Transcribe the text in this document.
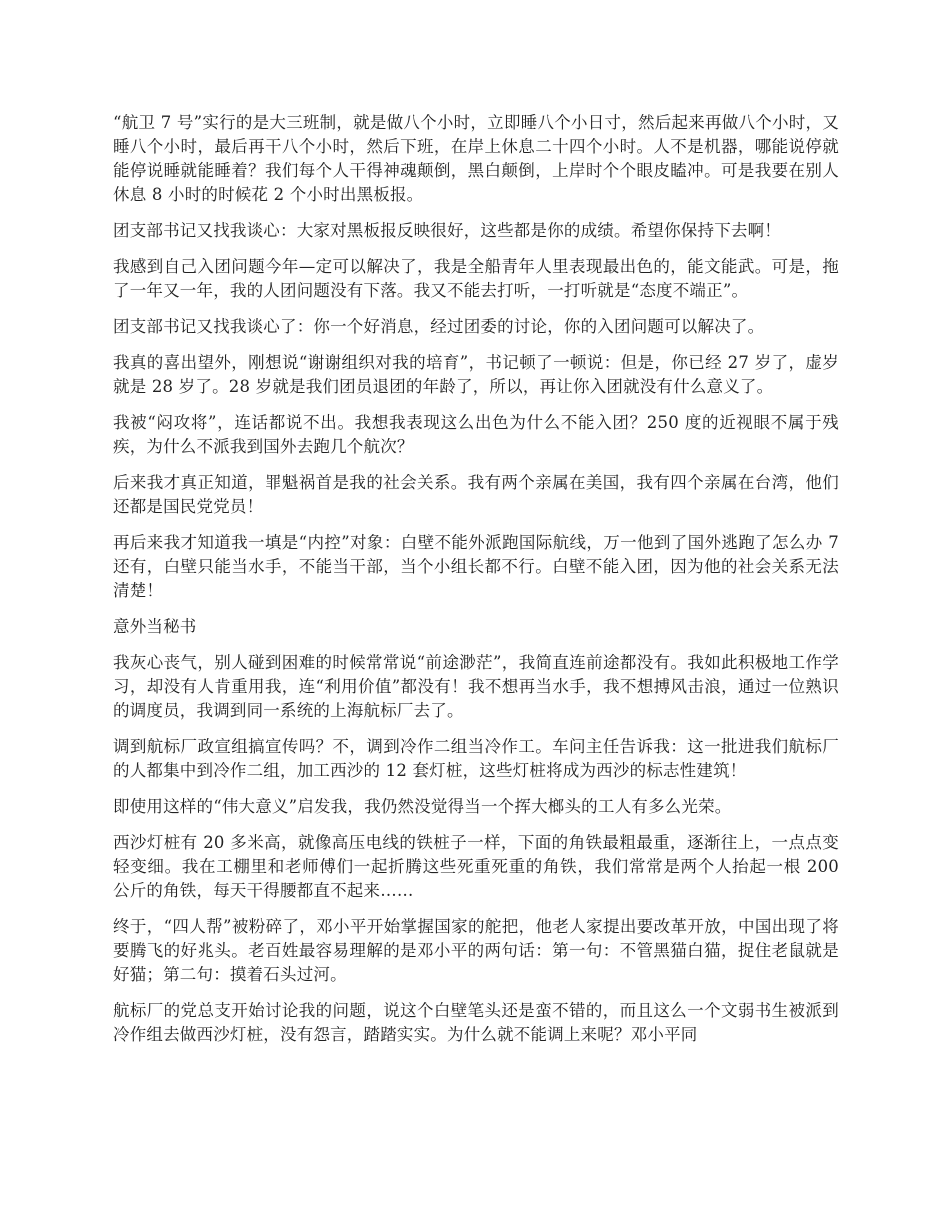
“航卫 7 号”实行的是大三班制，就是做八个小时，立即睡八个小日寸，然后起来再做八个小时，又睡八个小时，最后再干八个小时，然后下班，在岸上休息二十四个小时。人不是机器，哪能说停就能停说睡就能睡着？我们每个人干得神魂颠倒，黑白颠倒，上岸时个个眼皮瞌冲。可是我要在别人休息 8 小时的时候花 2 个小时出黑板报。

团支部书记又找我谈心：大家对黑板报反映很好，这些都是你的成绩。希望你保持下去啊！

我感到自己入团问题今年—定可以解决了，我是全船青年人里表现最出色的，能文能武。可是，拖了一年又一年，我的人团问题没有下落。我又不能去打听，一打听就是“态度不端正”。

团支部书记又找我谈心了：你一个好消息，经过团委的讨论，你的入团问题可以解决了。

我真的喜出望外，刚想说“谢谢组织对我的培育”，书记顿了一顿说：但是，你已经 27 岁了，虚岁就是 28 岁了。28 岁就是我们团员退团的年龄了，所以，再让你入团就没有什么意义了。

我被“闷攻将”，连话都说不出。我想我表现这么出色为什么不能入团？250 度的近视眼不属于残疾，为什么不派我到国外去跑几个航次？

后来我才真正知道，罪魁祸首是我的社会关系。我有两个亲属在美国，我有四个亲属在台湾，他们还都是国民党党员！

再后来我才知道我一填是“内控”对象：白壁不能外派跑国际航线，万一他到了国外逃跑了怎么办 7 还有，白壁只能当水手，不能当干部，当个小组长都不行。白壁不能入团，因为他的社会关系无法清楚！

意外当秘书

我灰心丧气，别人碰到困难的时候常常说“前途渺茫”，我简直连前途都没有。我如此积极地工作学习，却没有人肯重用我，连“利用价值”都没有！我不想再当水手，我不想搏风击浪，通过一位熟识的调度员，我调到同一系统的上海航标厂去了。

调到航标厂政宣组搞宣传吗？不，调到冷作二组当冷作工。车问主任告诉我：这一批进我们航标厂的人都集中到冷作二组，加工西沙的 12 套灯桩，这些灯桩将成为西沙的标志性建筑！

即使用这样的“伟大意义”启发我，我仍然没觉得当一个挥大榔头的工人有多么光荣。

西沙灯桩有 20 多米高，就像高压电线的铁桩子一样，下面的角铁最粗最重，逐渐往上，一点点变轻变细。我在工棚里和老师傅们一起折腾这些死重死重的角铁，我们常常是两个人抬起一根 200 公斤的角铁，每天干得腰都直不起来……

终于，“四人帮”被粉碎了，邓小平开始掌握国家的舵把，他老人家提出要改革开放，中国出现了将要腾飞的好兆头。老百姓最容易理解的是邓小平的两句话：第一句：不管黑猫白猫，捉住老鼠就是好猫；第二句：摸着石头过河。

航标厂的党总支开始讨论我的问题，说这个白壁笔头还是蛮不错的，而且这么一个文弱书生被派到冷作组去做西沙灯桩，没有怨言，踏踏实实。为什么就不能调上来呢？邓小平同
